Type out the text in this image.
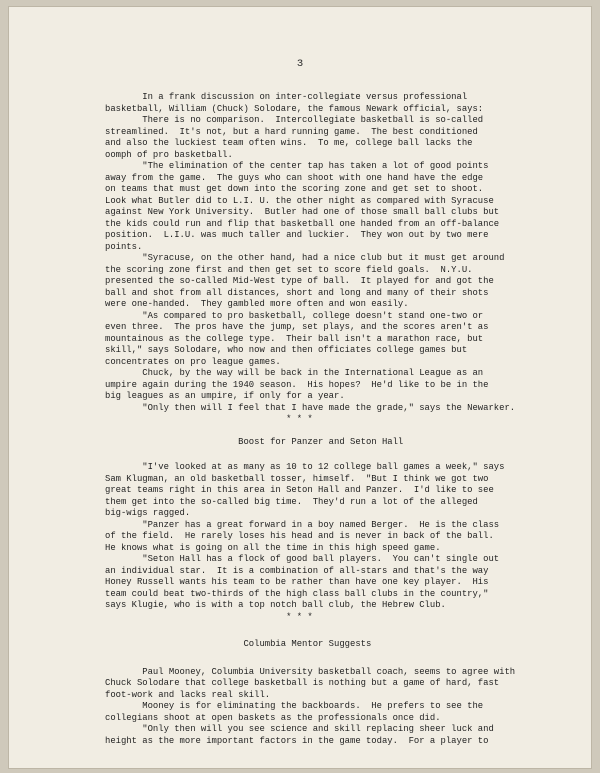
3
In a frank discussion on inter-collegiate versus professional
basketball, William (Chuck) Solodare, the famous Newark official, says:
There is no comparison.  Intercollegiate basketball is so-called
streamlined.  It's not, but a hard running game.  The best conditioned
and also the luckiest team often wins.  To me, college ball lacks the
oomph of pro basketball.
"The elimination of the center tap has taken a lot of good points
away from the game.  The guys who can shoot with one hand have the edge
on teams that must get down into the scoring zone and get set to shoot.
Look what Butler did to L.I. U. the other night as compared with Syracuse
against New York University.  Butler had one of those small ball clubs but
the kids could run and flip that basketball one handed from an off-balance
position.  L.I.U. was much taller and luckier.  They won out by two mere
points.
"Syracuse, on the other hand, had a nice club but it must get around
the scoring zone first and then get set to score field goals.  N.Y.U.
presented the so-called Mid-West type of ball.  It played for and got the
ball and shot from all distances, short and long and many of their shots
were one-handed.  They gambled more often and won easily.
"As compared to pro basketball, college doesn't stand one-two or
even three.  The pros have the jump, set plays, and the scores aren't as
mountainous as the college type.  Their ball isn't a marathon race, but
skill," says Solodare, who now and then officiates college games but
concentrates on pro league games.
Chuck, by the way will be back in the International League as an
umpire again during the 1940 season.  His hopes?  He'd like to be in the
big leagues as an umpire, if only for a year.
"Only then will I feel that I have made the grade," says the Newarker.
* * *
Boost for Panzer and Seton Hall
"I've looked at as many as 10 to 12 college ball games a week," says
Sam Klugman, an old basketball tosser, himself.  "But I think we got two
great teams right in this area in Seton Hall and Panzer.  I'd like to see
them get into the so-called big time.  They'd run a lot of the alleged
big-wigs ragged.
"Panzer has a great forward in a boy named Berger.  He is the class
of the field.  He rarely loses his head and is never in back of the ball.
He knows what is going on all the time in this high speed game.
"Seton Hall has a flock of good ball players.  You can't single out
an individual star.  It is a combination of all-stars and that's the way
Honey Russell wants his team to be rather than have one key player.  His
team could beat two-thirds of the high class ball clubs in the country,"
says Klugie, who is with a top notch ball club, the Hebrew Club.
* * *
Columbia Mentor Suggests
Paul Mooney, Columbia University basketball coach, seems to agree with
Chuck Solodare that college basketball is nothing but a game of hard, fast
foot-work and lacks real skill.
Mooney is for eliminating the backboards.  He prefers to see the
collegians shoot at open baskets as the professionals once did.
"Only then will you see science and skill replacing sheer luck and
height as the more important factors in the game today.  For a player to
